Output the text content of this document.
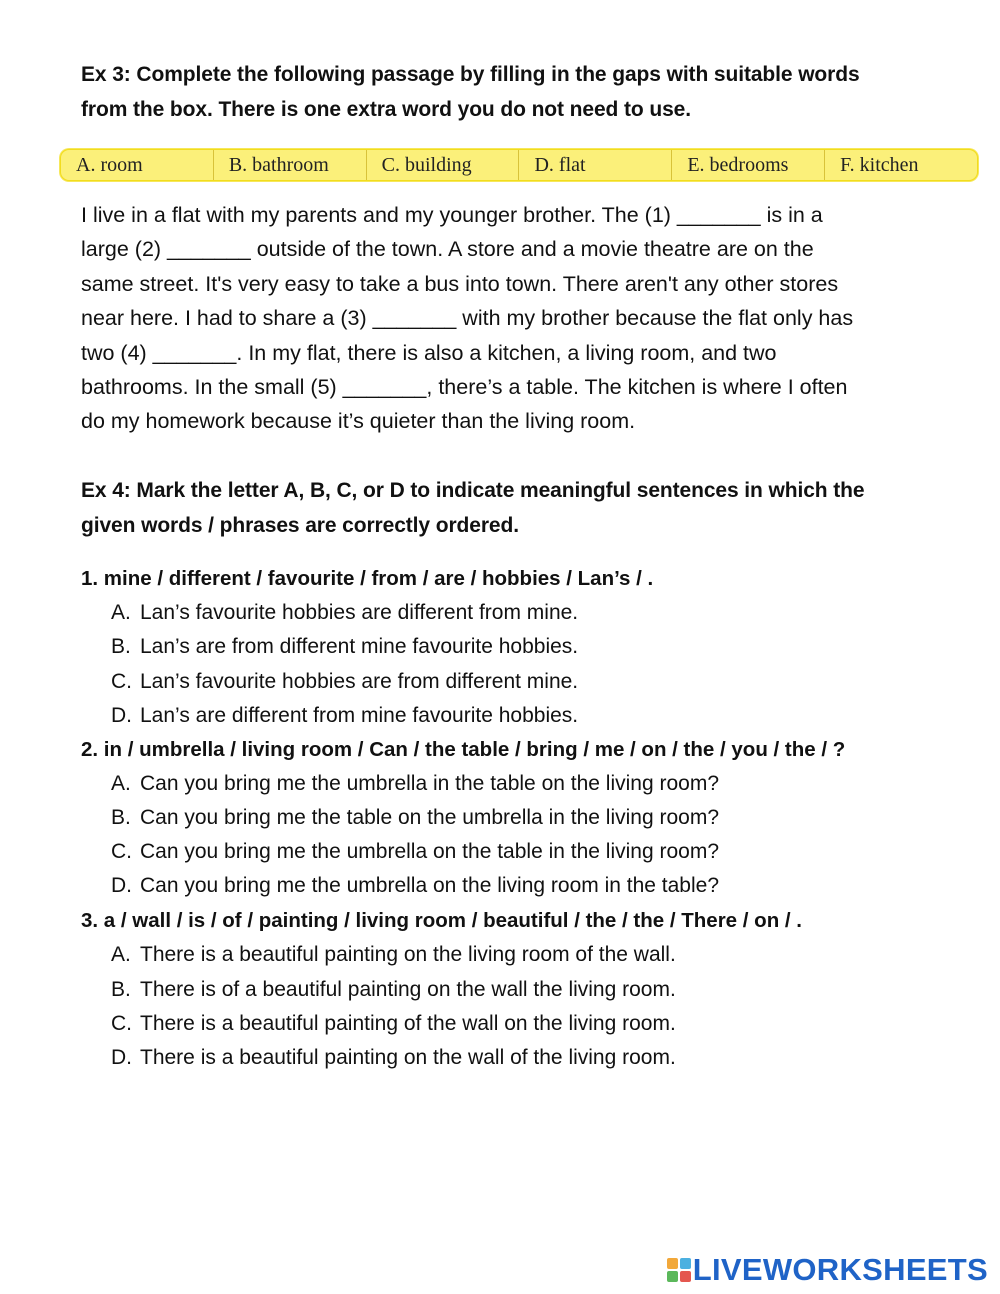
Ex 3: Complete the following passage by filling in the gaps with suitable words
from the box. There is one extra word you do not need to use.
A. room	B. bathroom	C. building	D. flat	E. bedrooms	F. kitchen

I live in a flat with my parents and my younger brother. The (1) _______ is in a

large (2) _______ outside of the town. A store and a movie theatre are on the

same street. It's very easy to take a bus into town. There aren't any other stores

near here. I had to share a (3) _______ with my brother because the flat only has

two (4) _______. In my flat, there is also a kitchen, a living room, and two

bathrooms. In the small (5) _______, there’s a table. The kitchen is where I often

do my homework because it’s quieter than the living room.

Ex 4: Mark the letter A, B, C, or D to indicate meaningful sentences in which the
given words / phrases are correctly ordered.
1. mine / different / favourite / from / are / hobbies / Lan’s / .
A. Lan’s favourite hobbies are different from mine.
B. Lan’s are from different mine favourite hobbies.
C. Lan’s favourite hobbies are from different mine.
D. Lan’s are different from mine favourite hobbies.
2. in / umbrella / living room / Can / the table / bring / me / on / the / you / the / ?
A. Can you bring me the umbrella in the table on the living room?
B. Can you bring me the table on the umbrella in the living room?
C. Can you bring me the umbrella on the table in the living room?
D. Can you bring me the umbrella on the living room in the table?
3. a / wall / is / of / painting / living room / beautiful / the / the / There / on / .
A. There is a beautiful painting on the living room of the wall.
B. There is of a beautiful painting on the wall the living room.
C. There is a beautiful painting of the wall on the living room.
D. There is a beautiful painting on the wall of the living room.
LIVEWORKSHEETS
